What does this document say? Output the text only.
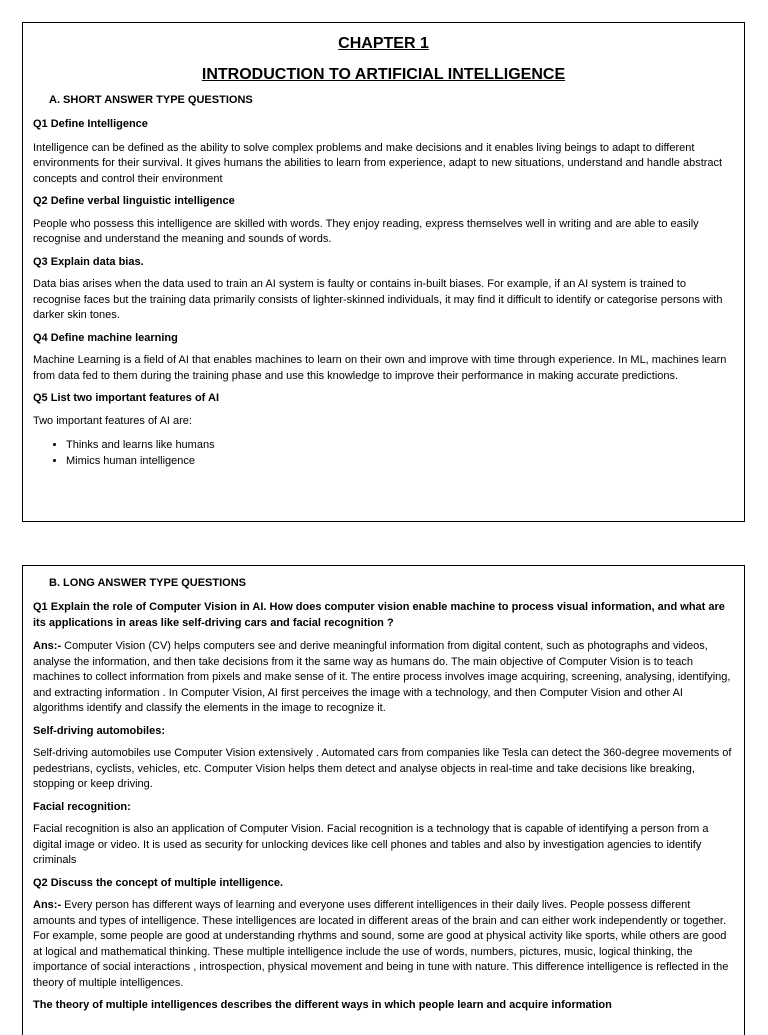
CHAPTER 1

INTRODUCTION TO ARTIFICIAL INTELLIGENCE

A. SHORT ANSWER TYPE QUESTIONS

Q1 Define Intelligence

Intelligence can be defined as the ability to solve complex problems and make decisions and it enables living beings to adapt to different environments for their survival. It gives humans the abilities to learn from experience, adapt to new situations, understand and handle abstract concepts and control their environment

Q2 Define verbal linguistic intelligence

People who possess this intelligence are skilled with words. They enjoy reading, express themselves well in writing and are able to easily recognise and understand the meaning and sounds of words.

Q3 Explain data bias.

Data bias arises when the data used to train an AI system is faulty or contains in-built biases. For example, if an AI system is trained to recognise faces but the training data primarily consists of lighter-skinned individuals, it may find it difficult to identify or categorise persons with darker skin tones.

Q4 Define machine learning

Machine Learning is a field of AI that enables machines to learn on their own and improve with time through experience. In ML, machines learn from data fed to them during the training phase and use this knowledge to improve their performance in making accurate predictions.

Q5 List two important features of AI

Two important features of AI are:

• Thinks and learns like humans
• Mimics human intelligence

B. LONG ANSWER TYPE QUESTIONS

Q1 Explain the role of Computer Vision in AI. How does computer vision enable machine to process visual information, and what are its applications in areas like self-driving cars and facial recognition ?

Ans:- Computer Vision (CV) helps computers see and derive meaningful information from digital content, such as photographs and videos, analyse the information, and then take decisions from it the same way as humans do. The main objective of Computer Vision is to teach machines to collect information from pixels and make sense of it. The entire process involves image acquiring, screening, analysing, identifying, and extracting information . In Computer Vision, AI first perceives the image with a technology, and then Computer Vision and other AI algorithms identify and classify the elements in the image to recognize it.

Self-driving automobiles:

Self-driving automobiles use Computer Vision extensively . Automated cars from companies like Tesla can detect the 360-degree movements of pedestrians, cyclists, vehicles, etc. Computer Vision helps them detect and analyse objects in real-time and take decisions like breaking, stopping or keep driving.

Facial recognition:

Facial recognition is also an application of Computer Vision. Facial recognition is a technology that is capable of identifying a person from a digital image or video. It is used as security for unlocking devices like cell phones and tables and also by investigation agencies to identify criminals

Q2 Discuss the concept of multiple intelligence.

Ans:- Every person has different ways of learning and everyone uses different intelligences in their daily lives. People possess different amounts and types of intelligence. These intelligences are located in different areas of the brain and can either work independently or together. For example, some people are good at understanding rhythms and sound, some are good at physical activity like sports, while others are good at logical and mathematical thinking. These multiple intelligence include the use of words, numbers, pictures, music, logical thinking, the importance of social interactions , introspection, physical movement and being in tune with nature. This difference intelligence is reflected in the theory of multiple intelligences.

The theory of multiple intelligences describes the different ways in which people learn and acquire information
